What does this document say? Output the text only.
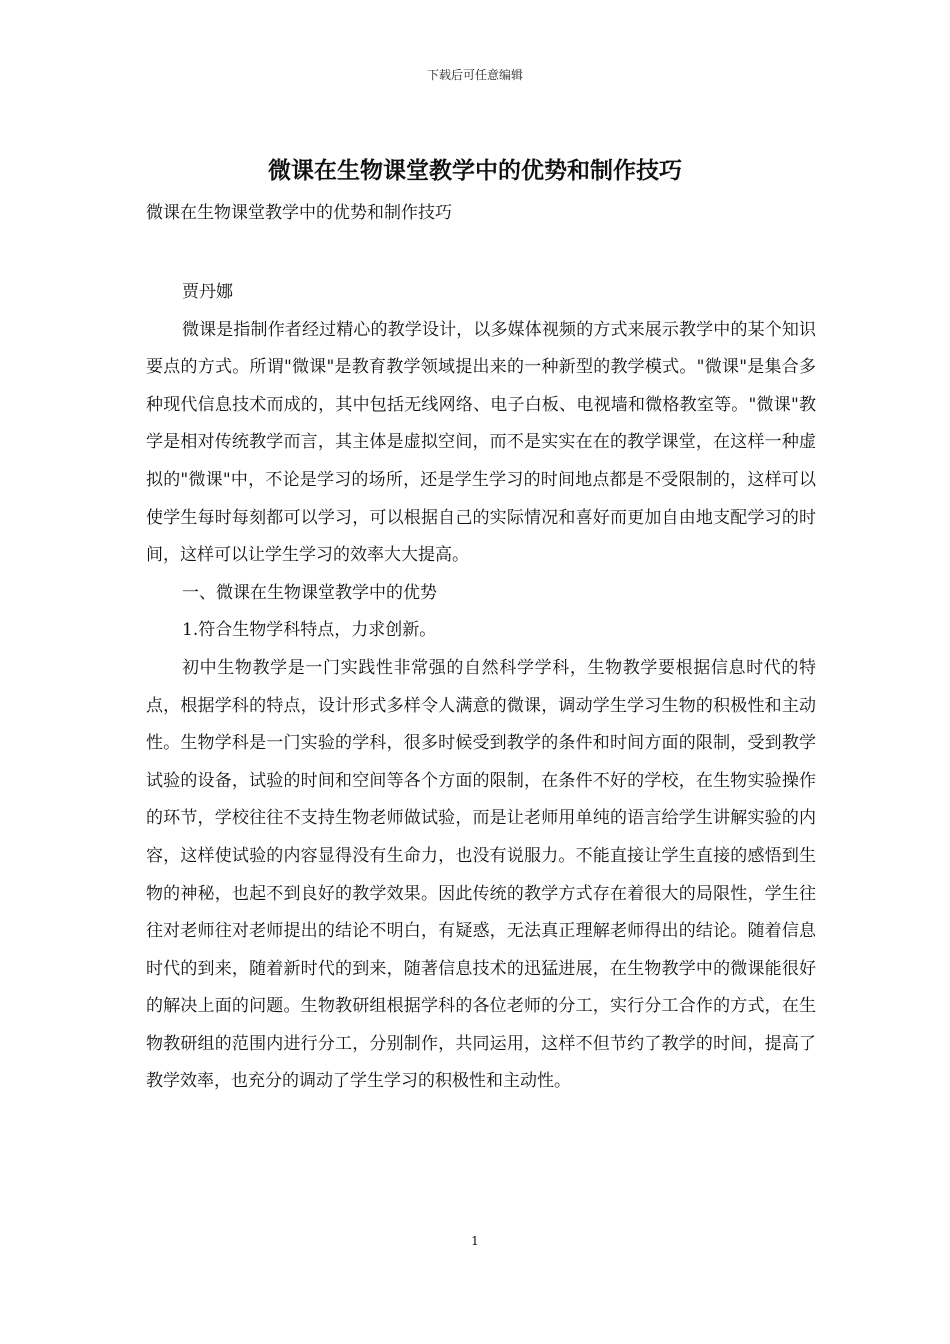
下载后可任意编辑
微课在生物课堂教学中的优势和制作技巧

微课在生物课堂教学中的优势和制作技巧

贾丹娜

微课是指制作者经过精心的教学设计，以多媒体视频的方式来展示教学中的某个知识要点的方式。所谓"微课"是教育教学领域提出来的一种新型的教学模式。"微课"是集合多种现代信息技术而成的，其中包括无线网络、电子白板、电视墙和微格教室等。"微课"教学是相对传统教学而言，其主体是虚拟空间，而不是实实在在的教学课堂，在这样一种虚拟的"微课"中，不论是学习的场所，还是学生学习的时间地点都是不受限制的，这样可以使学生每时每刻都可以学习，可以根据自己的实际情况和喜好而更加自由地支配学习的时间，这样可以让学生学习的效率大大提高。

一、微课在生物课堂教学中的优势

1.符合生物学科特点，力求创新。

初中生物教学是一门实践性非常强的自然科学学科，生物教学要根据信息时代的特点，根据学科的特点，设计形式多样令人满意的微课，调动学生学习生物的积极性和主动性。生物学科是一门实验的学科，很多时候受到教学的条件和时间方面的限制，受到教学试验的设备，试验的时间和空间等各个方面的限制，在条件不好的学校，在生物实验操作的环节，学校往往不支持生物老师做试验，而是让老师用单纯的语言给学生讲解实验的内容，这样使试验的内容显得没有生命力，也没有说服力。不能直接让学生直接的感悟到生物的神秘，也起不到良好的教学效果。因此传统的教学方式存在着很大的局限性，学生往往对老师往对老师提出的结论不明白，有疑惑，无法真正理解老师得出的结论。随着信息时代的到来，随着新时代的到来，随著信息技术的迅猛进展，在生物教学中的微课能很好的解决上面的问题。生物教研组根据学科的各位老师的分工，实行分工合作的方式，在生物教研组的范围内进行分工，分别制作，共同运用，这样不但节约了教学的时间，提高了教学效率，也充分的调动了学生学习的积极性和主动性。

1
